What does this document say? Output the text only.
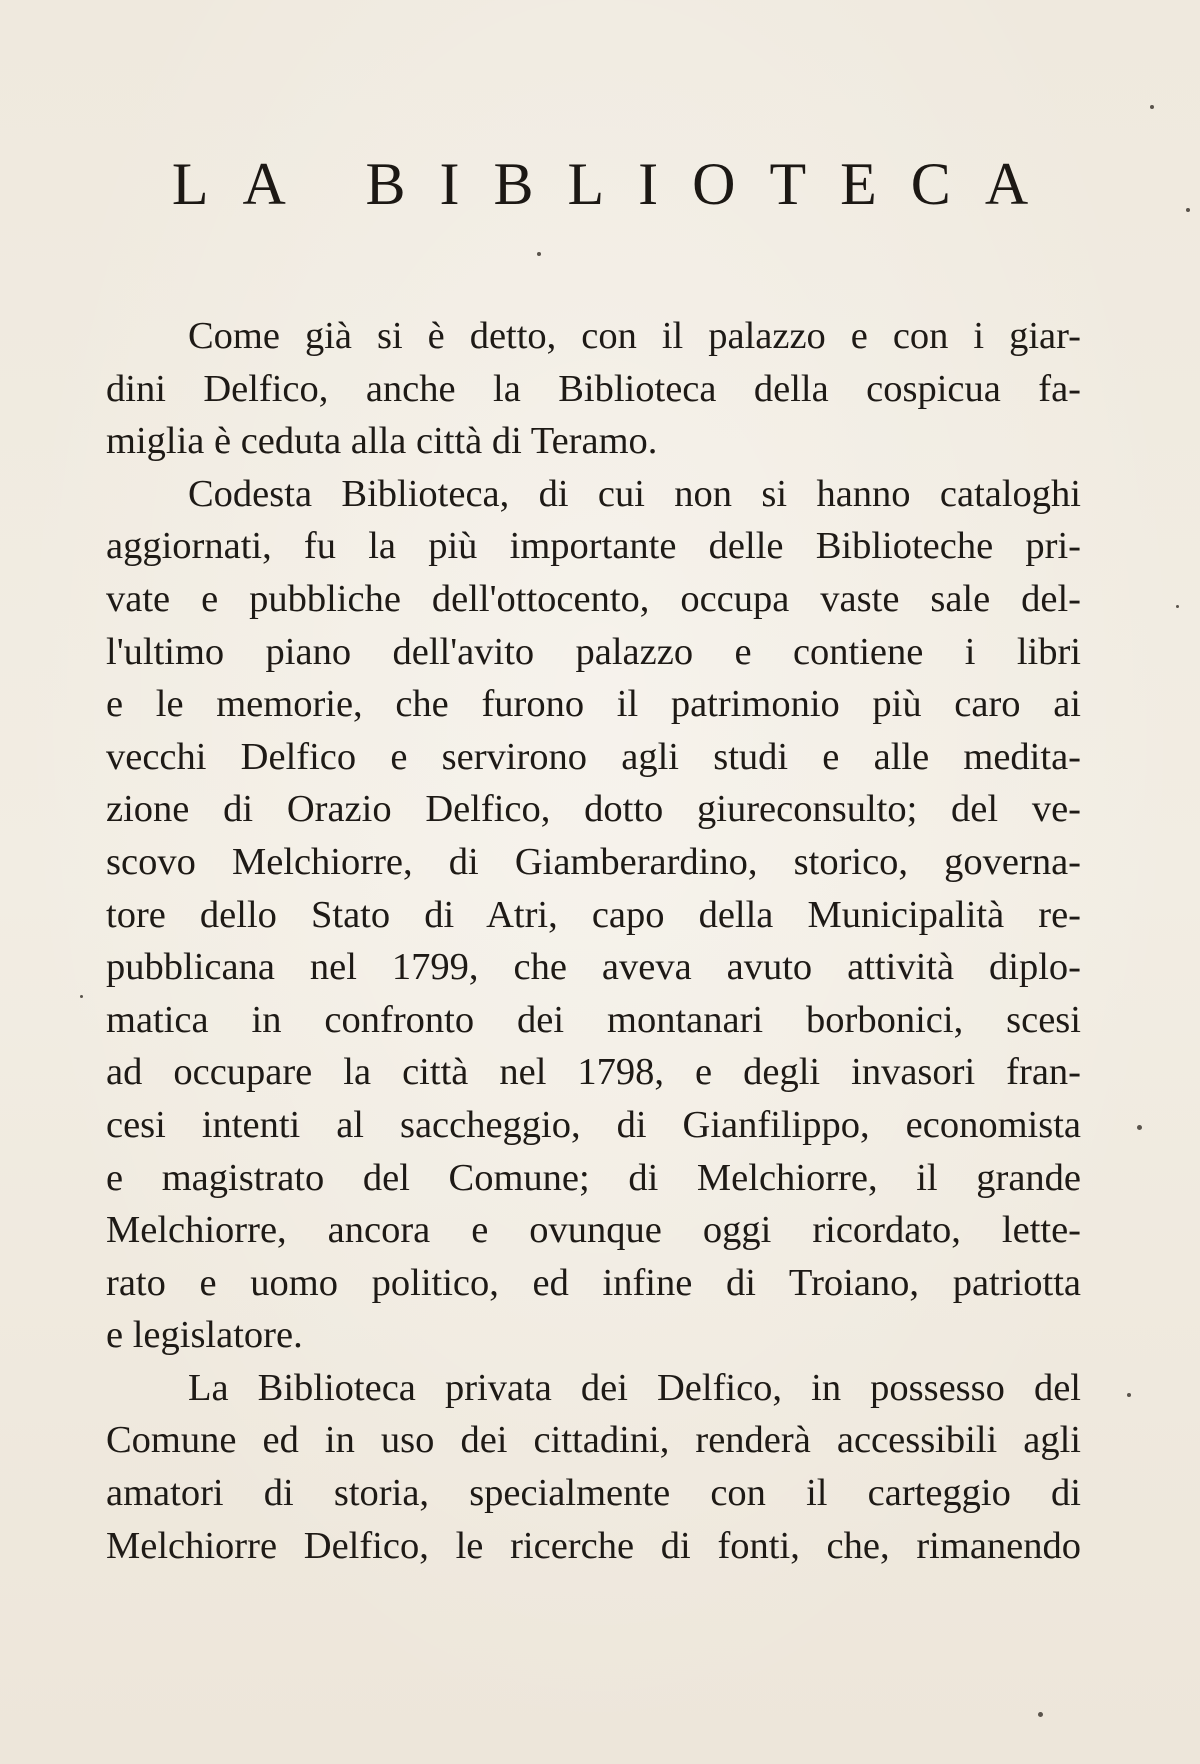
LA BIBLIOTECA

Come già si è detto, con il palazzo e con i giar-
dini Delfico, anche la Biblioteca della cospicua fa-
miglia è ceduta alla città di Teramo.

Codesta Biblioteca, di cui non si hanno cataloghi
aggiornati, fu la più importante delle Biblioteche pri-
vate e pubbliche dell'ottocento, occupa vaste sale del-
l'ultimo piano dell'avito palazzo e contiene i libri
e le memorie, che furono il patrimonio più caro ai
vecchi Delfico e servirono agli studi e alle medita-
zione di Orazio Delfico, dotto giureconsulto; del ve-
scovo Melchiorre, di Giamberardino, storico, governa-
tore dello Stato di Atri, capo della Municipalità re-
pubblicana nel 1799, che aveva avuto attività diplo-
matica in confronto dei montanari borbonici, scesi
ad occupare la città nel 1798, e degli invasori fran-
cesi intenti al saccheggio, di Gianfilippo, economista
e magistrato del Comune; di Melchiorre, il grande
Melchiorre, ancora e ovunque oggi ricordato, lette-
rato e uomo politico, ed infine di Troiano, patriotta
e legislatore.

La Biblioteca privata dei Delfico, in possesso del
Comune ed in uso dei cittadini, renderà accessibili agli
amatori di storia, specialmente con il carteggio di
Melchiorre Delfico, le ricerche di fonti, che, rimanendo
